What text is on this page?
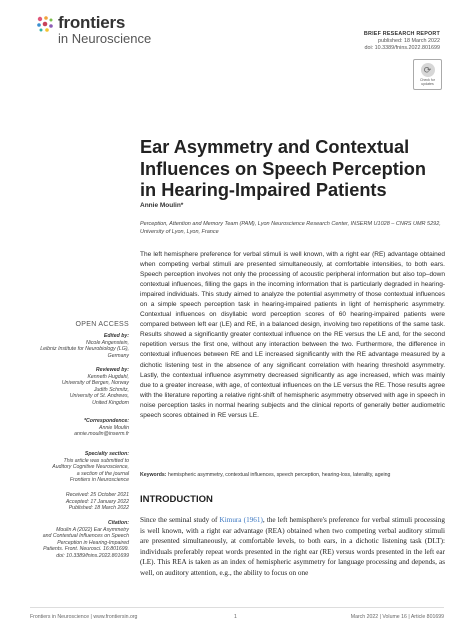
frontiers
in Neuroscience	BRIEF RESEARCH REPORT
published: 18 March 2022
doi: 10.3389/fnins.2022.801699
⟳
Check for
updates
Ear Asymmetry and Contextual Influences on Speech Perception in Hearing-Impaired Patients
Annie Moulin*
Perception, Attention and Memory Team (PAM), Lyon Neuroscience Research Center, INSERM U1028 – CNRS UMR 5292, University of Lyon, Lyon, France

The left hemisphere preference for verbal stimuli is well known, with a right ear (RE) advantage obtained when competing verbal stimuli are presented simultaneously, at comfortable intensities, to both ears. Speech perception involves not only the processing of acoustic peripheral information but also top–down contextual influences, filling the gaps in the incoming information that is particularly degraded in hearing-impaired individuals. This study aimed to analyze the potential asymmetry of those contextual influences on a simple speech perception task in hearing-impaired patients in light of hemispheric asymmetry. Contextual influences on disyllabic word perception scores of 60 hearing-impaired patients were compared between left ear (LE) and RE, in a balanced design, involving two repetitions of the same task. Results showed a significantly greater contextual influence on the RE versus the LE and, for the second repetition versus the first one, without any interaction between the two. Furthermore, the difference in contextual influences between RE and LE increased significantly with the RE advantage measured by a dichotic listening test in the absence of any significant correlation with hearing threshold asymmetry. Lastly, the contextual influence asymmetry decreased significantly as age increased, which was mainly due to a greater increase, with age, of contextual influences on the LE versus the RE. Those results agree with the literature reporting a relative right-shift of hemispheric asymmetry observed with age in speech in noise perception tasks in normal hearing subjects and the clinical reports of generally better audiometric speech scores obtained in RE versus LE.

Keywords: hemispheric asymmetry, contextual influences, speech perception, hearing-loss, laterality, ageing
INTRODUCTION

Since the seminal study of Kimura (1961), the left hemisphere's preference for verbal stimuli processing is well known, with a right ear advantage (REA) obtained when two competing verbal auditory stimuli are presented simultaneously, at comfortable levels, to both ears, in a dichotic listening task (DLT): individuals preferably repeat words presented in the right ear (RE) versus words presented in the left ear (LE). This REA is taken as an index of hemispheric asymmetry for language processing and depends, as well, on auditory attention, e.g., the ability to focus on one

OPEN ACCESS
Edited by:
Nicole Angenstein,
Leibniz Institute for Neurobiology (LG),
Germany
Reviewed by:
Kenneth Hugdahl,
University of Bergen, Norway
Judith Schmitz,
University of St. Andrews,
United Kingdom
*Correspondence:
Annie Moulin
annie.moulin@inserm.fr
Specialty section:
This article was submitted to
Auditory Cognitive Neuroscience,
a section of the journal
Frontiers in Neuroscience
Received: 25 October 2021
Accepted: 17 January 2022
Published: 18 March 2022
Citation:
Moulin A (2022) Ear Asymmetry
and Contextual Influences on Speech
Perception in Hearing-Impaired
Patients. Front. Neurosci. 16:801699.
doi: 10.3389/fnins.2022.801699
Frontiers in Neuroscience | www.frontiersin.org	1	March 2022 | Volume 16 | Article 801699
